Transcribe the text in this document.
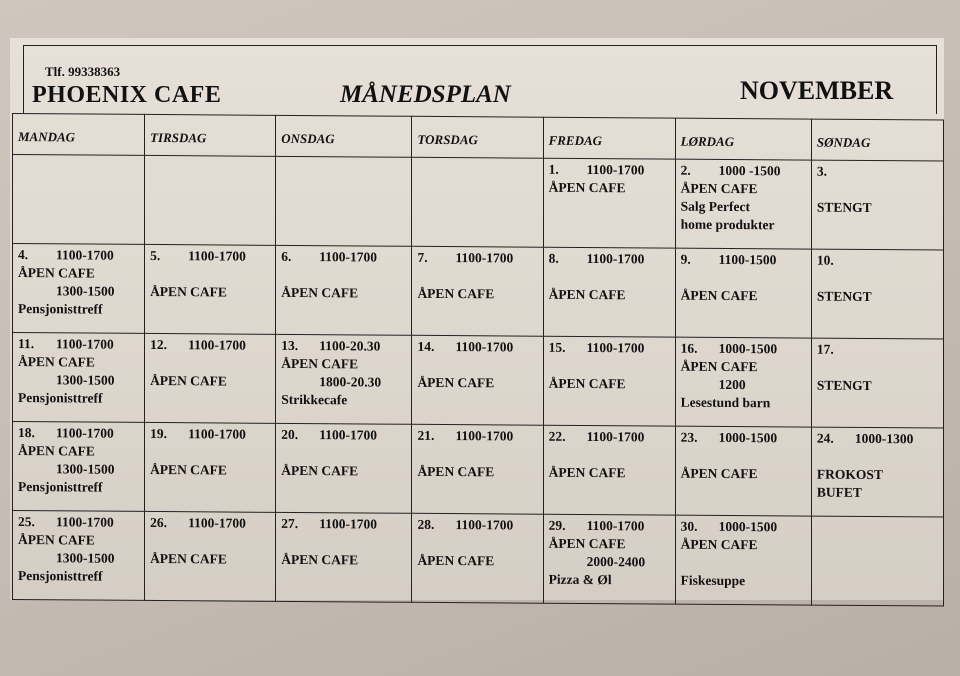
Tlf. 99338363
PHOENIX CAFE	MÅNEDSPLAN	NOVEMBER
MANDAG	TIRSDAG	ONSDAG	TORSDAG	FREDAG	LØRDAG	SØNDAG

				1. 1100-1700
ÅPEN CAFE	2. 1000 -1500
ÅPEN CAFE
Salg Perfect
home produkter	3.
STENGT

4. 1100-1700
ÅPEN CAFE
1300-1500
Pensjonisttreff	5. 1100-1700
ÅPEN CAFE	6. 1100-1700
ÅPEN CAFE	7. 1100-1700
ÅPEN CAFE	8. 1100-1700
ÅPEN CAFE	9. 1100-1500
ÅPEN CAFE	10.
STENGT

11. 1100-1700
ÅPEN CAFE
1300-1500
Pensjonisttreff	12. 1100-1700
ÅPEN CAFE	13. 1100-20.30
ÅPEN CAFE
1800-20.30
Strikkecafe	14. 1100-1700
ÅPEN CAFE	15. 1100-1700
ÅPEN CAFE	16. 1000-1500
ÅPEN CAFE
1200
Lesestund barn	17.
STENGT

18. 1100-1700
ÅPEN CAFE
1300-1500
Pensjonisttreff	19. 1100-1700
ÅPEN CAFE	20. 1100-1700
ÅPEN CAFE	21. 1100-1700
ÅPEN CAFE	22. 1100-1700
ÅPEN CAFE	23. 1000-1500
ÅPEN CAFE	24. 1000-1300
FROKOST
BUFET

25. 1100-1700
ÅPEN CAFE
1300-1500
Pensjonisttreff	26. 1100-1700
ÅPEN CAFE	27. 1100-1700
ÅPEN CAFE	28. 1100-1700
ÅPEN CAFE	29. 1100-1700
ÅPEN CAFE
2000-2400
Pizza & Øl	30. 1000-1500
ÅPEN CAFE
Fiskesuppe	
